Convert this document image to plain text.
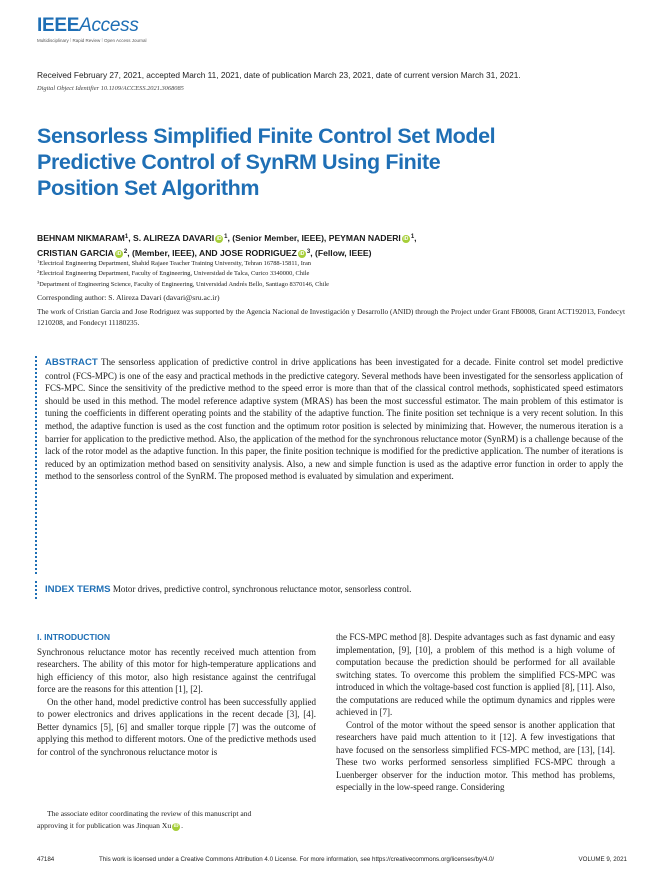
IEEEAccess
Multidisciplinary ⁞ Rapid Review ⁞ Open Access Journal
Received February 27, 2021, accepted March 11, 2021, date of publication March 23, 2021, date of current version March 31, 2021.
Digital Object Identifier 10.1109/ACCESS.2021.3068085
Sensorless Simplified Finite Control Set Model Predictive Control of SynRM Using Finite Position Set Algorithm
BEHNAM NIKMARAM$^1$, S. ALIREZA DAVARI iD $^1$, (Senior Member, IEEE), PEYMAN NADERI iD $^1$,
CRISTIAN GARCIA iD $^2$, (Member, IEEE), AND JOSE RODRIGUEZ iD $^3$, (Fellow, IEEE)
$^1$Electrical Engineering Department, Shahid Rajaee Teacher Training University, Tehran 16788-15811, Iran
$^2$Electrical Engineering Department, Faculty of Engineering, Universidad de Talca, Curico 3340000, Chile
$^3$Department of Engineering Science, Faculty of Engineering, Universidad Andrés Bello, Santiago 8370146, Chile
Corresponding author: S. Alireza Davari (davari@sru.ac.ir)
The work of Cristian Garcia and Jose Rodriguez was supported by the Agencia Nacional de Investigación y Desarrollo (ANID) through the Project under Grant FB0008, Grant ACT192013, Fondecyt 1210208, and Fondecyt 11180235.
ABSTRACT The sensorless application of predictive control in drive applications has been investigated for a decade. Finite control set model predictive control (FCS-MPC) is one of the easy and practical methods in the predictive category. Several methods have been investigated for the sensorless application of FCS-MPC. Since the sensitivity of the predictive method to the speed error is more than that of the classical control methods, sophisticated speed estimators should be used in this method. The model reference adaptive system (MRAS) has been the most successful estimator. The main problem of this estimator is tuning the coefficients in different operating points and the stability of the adaptive function. The finite position set technique is a very recent solution. In this method, the adaptive function is used as the cost function and the optimum rotor position is selected by minimizing that. However, the numerous iteration is a barrier for application to the predictive method. Also, the application of the method for the synchronous reluctance motor (SynRM) is a challenge because of the lack of the rotor model as the adaptive function. In this paper, the finite position technique is modified for the predictive application. The number of iterations is reduced by an optimization method based on sensitivity analysis. Also, a new and simple function is used as the adaptive error function in order to apply the method to the sensorless control of the SynRM. The proposed method is evaluated by simulation and experiment.
INDEX TERMS Motor drives, predictive control, synchronous reluctance motor, sensorless control.
I. INTRODUCTION

Synchronous reluctance motor has recently received much attention from researchers. The ability of this motor for high-temperature applications and high efficiency of this motor, also high resistance against the centrifugal force are the reasons for this attention [1], [2].

On the other hand, model predictive control has been successfully applied to power electronics and drives applications in the recent decade [3], [4]. Better dynamics [5], [6] and smaller torque ripple [7] was the outcome of applying this method to different motors. One of the predictive methods used for control of the synchronous reluctance motor is

the FCS-MPC method [8]. Despite advantages such as fast dynamic and easy implementation, [9], [10], a problem of this method is a high volume of computation because the prediction should be performed for all available switching states. To overcome this problem the simplified FCS-MPC was introduced in which the voltage-based cost function is applied [8], [11]. Also, the computations are reduced while the optimum dynamics and ripples were achieved in [7].

Control of the motor without the speed sensor is another application that researchers have paid much attention to it [12]. A few investigations that have focused on the sensorless simplified FCS-MPC method, are [13], [14]. These two works performed sensorless simplified FCS-MPC through a Luenberger observer for the induction motor. This method has problems, especially in the low-speed range. Considering

The associate editor coordinating the review of this manuscript and
approving it for publication was Jinquan Xu iD .
47184	This work is licensed under a Creative Commons Attribution 4.0 License. For more information, see https://creativecommons.org/licenses/by/4.0/	VOLUME 9, 2021
